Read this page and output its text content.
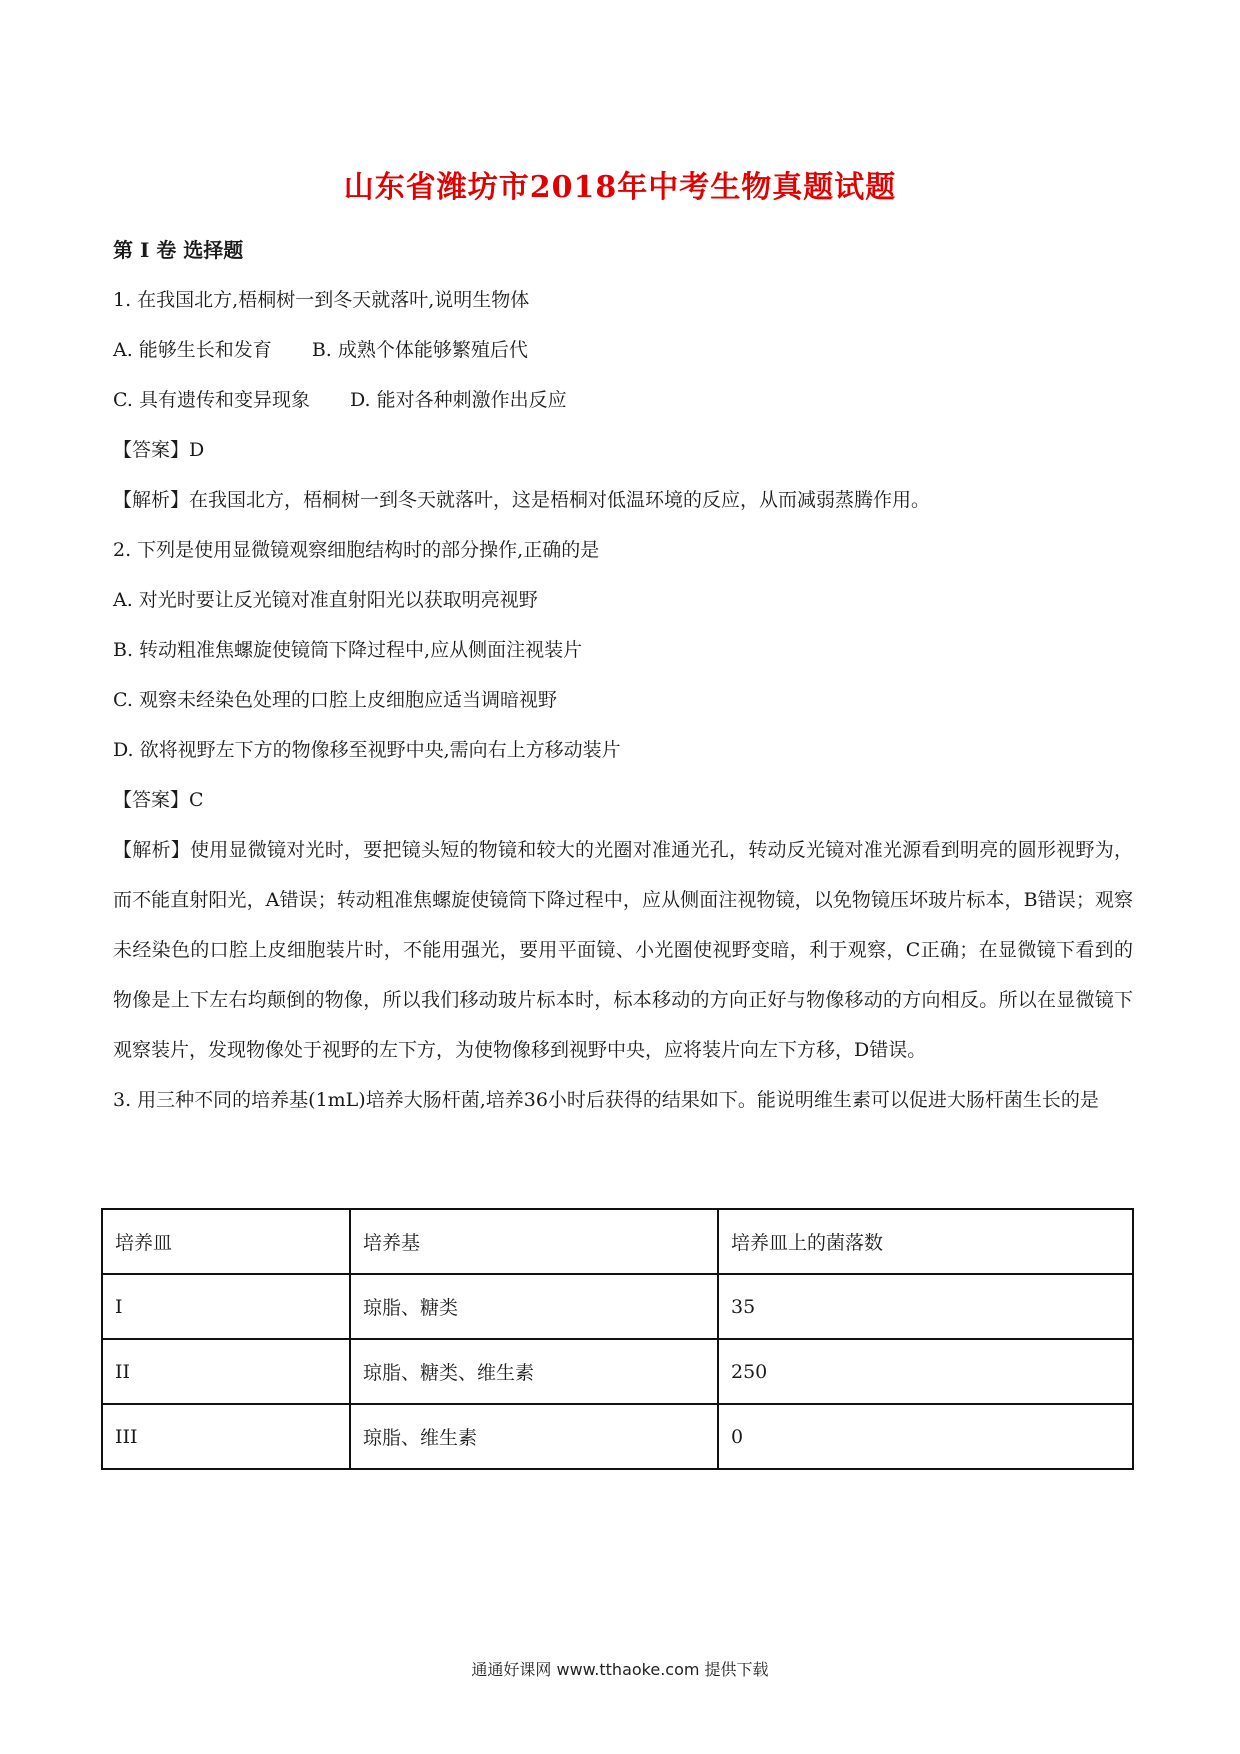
山东省潍坊市2018年中考生物真题试题
第 I 卷 选择题
1. 在我国北方,梧桐树一到冬天就落叶,说明生物体
A. 能够生长和发育 B. 成熟个体能够繁殖后代
C. 具有遗传和变异现象 D. 能对各种刺激作出反应
【答案】D
【解析】在我国北方，梧桐树一到冬天就落叶，这是梧桐对低温环境的反应，从而减弱蒸腾作用。
2. 下列是使用显微镜观察细胞结构时的部分操作,正确的是
A. 对光时要让反光镜对准直射阳光以获取明亮视野
B. 转动粗准焦螺旋使镜筒下降过程中,应从侧面注视装片
C. 观察未经染色处理的口腔上皮细胞应适当调暗视野
D. 欲将视野左下方的物像移至视野中央,需向右上方移动装片
【答案】C
【解析】使用显微镜对光时，要把镜头短的物镜和较大的光圈对准通光孔，转动反光镜对准光源看到明亮的圆形视野为，而不能直射阳光，A错误；转动粗准焦螺旋使镜筒下降过程中，应从侧面注视物镜，以免物镜压坏玻片标本，B错误；观察未经染色的口腔上皮细胞装片时，不能用强光，要用平面镜、小光圈使视野变暗，利于观察，C正确；在显微镜下看到的物像是上下左右均颠倒的物像，所以我们移动玻片标本时，标本移动的方向正好与物像移动的方向相反。所以在显微镜下观察装片，发现物像处于视野的左下方，为使物像移到视野中央，应将装片向左下方移，D错误。
3. 用三种不同的培养基(1mL)培养大肠杆菌,培养36小时后获得的结果如下。能说明维生素可以促进大肠杆菌生长的是
培养皿	培养基	培养皿上的菌落数
I	琼脂、糖类	35
II	琼脂、糖类、维生素	250
III	琼脂、维生素	0
通通好课网 www.tthaoke.com 提供下载
